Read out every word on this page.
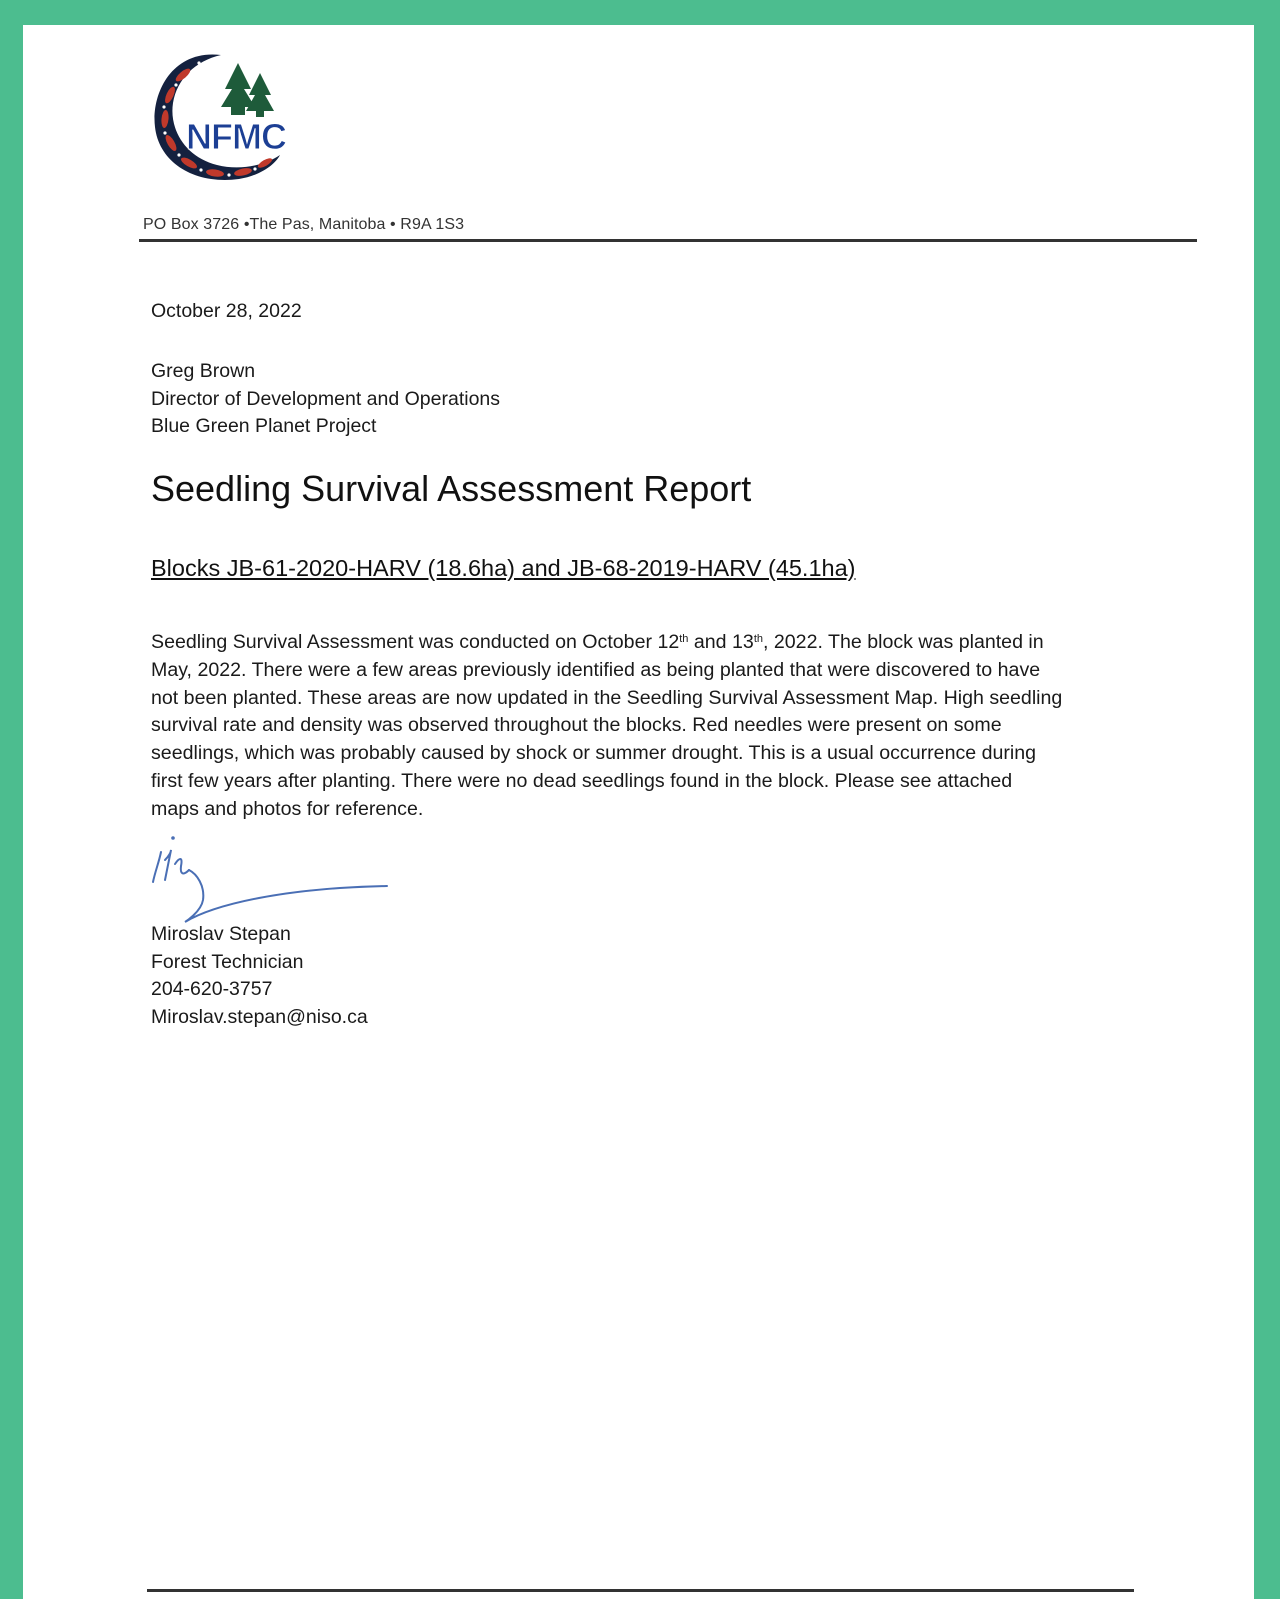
NFMC
PO Box 3726 •The Pas, Manitoba • R9A 1S3
October 28, 2022
Greg Brown
Director of Development and Operations
Blue Green Planet Project
Seedling Survival Assessment Report
Blocks JB-61-2020-HARV (18.6ha) and JB-68-2019-HARV (45.1ha)
Seedling Survival Assessment was conducted on October 12th and 13th, 2022. The block was planted in
May, 2022. There were a few areas previously identified as being planted that were discovered to have
not been planted. These areas are now updated in the Seedling Survival Assessment Map. High seedling
survival rate and density was observed throughout the blocks. Red needles were present on some
seedlings, which was probably caused by shock or summer drought. This is a usual occurrence during
first few years after planting. There were no dead seedlings found in the block. Please see attached
maps and photos for reference.
Miroslav Stepan
Forest Technician
204-620-3757
Miroslav.stepan@niso.ca
